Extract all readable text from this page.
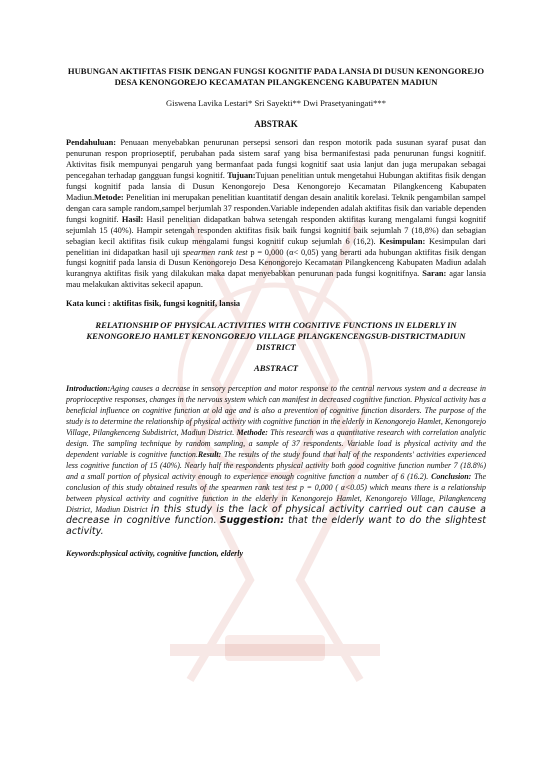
HUBUNGAN AKTIFITAS FISIK DENGAN FUNGSI KOGNITIF PADA LANSIA DI DUSUN KENONGOREJO DESA KENONGOREJO KECAMATAN PILANGKENCENG KABUPATEN MADIUN

Giswena Lavika Lestari* Sri Sayekti** Dwi Prasetyaningati***

ABSTRAK

Pendahuluan: Penuaan menyebabkan penurunan persepsi sensori dan respon motorik pada susunan syaraf pusat dan penurunan respon proprioseptif, perubahan pada sistem saraf yang bisa bermanifestasi pada penurunan fungsi kognitif. Aktivitas fisik mempunyai pengaruh yang bermanfaat pada fungsi kognitif saat usia lanjut dan juga merupakan sebagai pencegahan terhadap gangguan fungsi kognitif. Tujuan:Tujuan penelitian untuk mengetahui Hubungan aktifitas fisik dengan fungsi kognitif pada lansia di Dusun Kenongorejo Desa Kenongorejo Kecamatan Pilangkenceng Kabupaten Madiun.Metode: Penelitian ini merupakan penelitian kuantitatif dengan desain analitik korelasi. Teknik pengambilan sampel dengan cara sample random,sampel berjumlah 37 responden.Variable independen adalah aktifitas fisik dan variable dependen fungsi kognitif. Hasil: Hasil penelitian didapatkan bahwa setengah responden aktifitas kurang mengalami fungsi kognitif sejumlah 15 (40%). Hampir setengah responden aktifitas fisik baik fungsi kognitif baik sejumlah 7 (18,8%) dan sebagian sebagian kecil aktifitas fisik cukup mengalami fungsi kognitif cukup sejumlah 6 (16,2). Kesimpulan: Kesimpulan dari penelitian ini didapatkan hasil uji spearmen rank test p = 0,000 (α< 0,05) yang berarti ada hubungan aktifitas fisik dengan fungsi kognitif pada lansia di Dusun Kenongorejo Desa Kenongorejo Kecamatan Pilangkenceng Kabupaten Madiun adalah kurangnya aktifitas fisik yang dilakukan maka dapat menyebabkan penurunan pada fungsi kognitifnya. Saran: agar lansia mau melakukan aktivitas sekecil apapun.

Kata kunci : aktifitas fisik, fungsi kognitif, lansia

RELATIONSHIP OF PHYSICAL ACTIVITIES WITH COGNITIVE FUNCTIONS IN ELDERLY IN KENONGOREJO HAMLET KENONGOREJO VILLAGE PILANGKENCENGSUB-DISTRICTMADIUN DISTRICT

ABSTRACT

Introduction:Aging causes a decrease in sensory perception and motor response to the central nervous system and a decrease in proprioceptive responses, changes in the nervous system which can manifest in decreased cognitive function. Physical activity has a beneficial influence on cognitive function at old age and is also a prevention of cognitive function disorders. The purpose of the study is to determine the relationship of physical activity with cognitive function in the elderly in Kenongorejo Hamlet, Kenongorejo Village, Pilangkenceng Subdistrict, Madiun District. Methode: This research was a quantitative research with correlation analytic design. The sampling technique by random sampling, a sample of 37 respondents. Variable load is physical activity and the dependent variable is cognitive function.Result: The results of the study found that half of the respondents' activities experienced less cognitive function of 15 (40%). Nearly half the respondents physical activity both good cognitive function number 7 (18.8%) and a small portion of physical activity enough to experience enough cognitive function a number of 6 (16.2). Conclusion: The conclusion of this study obtained results of the spearmen rank test test p = 0,000 ( α<0.05) which means there is a relationship between physical activity and cognitive function in the elderly in Kenongorejo Hamlet, Kenongorejo Village, Pilangkenceng District, Madiun District in this study is the lack of physical activity carried out can cause a decrease in cognitive function. Suggestion: that the elderly want to do the slightest activity.

Keywords:physical activity, cognitive function, elderly
